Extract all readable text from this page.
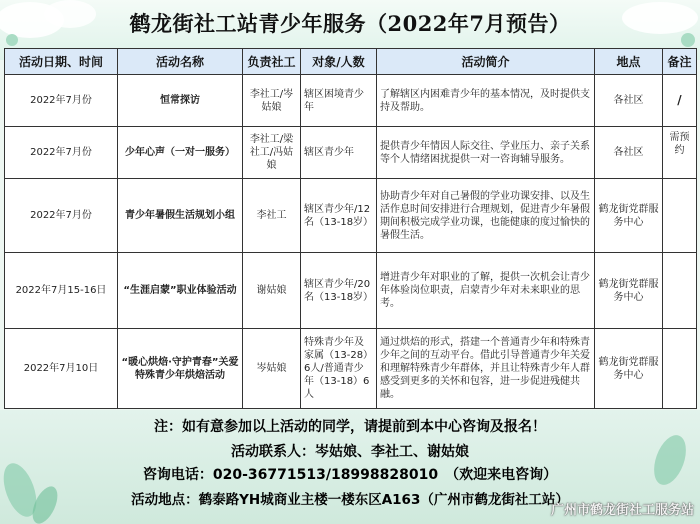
鹤龙街社工站青少年服务（2022年7月预告）
活动日期、时间	活动名称	负责社工	对象/人数	活动简介	地点	备注
2022年7月份	恒常探访	李社工/岑姑娘	辖区困境青少年	了解辖区内困难青少年的基本情况，及时提供支持及帮助。	各社区	/
2022年7月份	少年心声（一对一服务）	李社工/梁社工/冯姑娘	辖区青少年	提供青少年情因人际交往、学业压力、亲子关系等个人情绪困扰提供一对一咨询辅导服务。	各社区	需预约
2022年7月份	青少年暑假生活规划小组	李社工	辖区青少年/12名（13-18岁）	协助青少年对自己暑假的学业功课安排、以及生活作息时间安排进行合理规划，促进青少年暑假期间积极完成学业功课，也能健康的度过愉快的暑假生活。	鹤龙街党群服务中心	
2022年7月15-16日	“生涯启蒙”职业体验活动	谢姑娘	辖区青少年/20名（13-18岁）	增进青少年对职业的了解，提供一次机会让青少年体验岗位职责，启蒙青少年对未来职业的思考。	鹤龙街党群服务中心	
2022年7月10日	“暖心烘焙·守护青春”关爱特殊青少年烘焙活动	岑姑娘	特殊青少年及家属（13-28）6人/普通青少年（13-18）6人	通过烘焙的形式，搭建一个普通青少年和特殊青少年之间的互动平台。借此引导普通青少年关爱和理解特殊青少年群体，并且让特殊青少年人群感受到更多的关怀和包容，进一步促进残健共融。	鹤龙街党群服务中心	
注：如有意参加以上活动的同学，请提前到本中心咨询及报名！
活动联系人：岑姑娘、李社工、谢姑娘
咨询电话：020-36771513/18998828010　（欢迎来电咨询）
活动地点：鹤泰路YH城商业主楼一楼东区A163（广州市鹤龙街社工站）
广州市鹤龙街社工服务站
